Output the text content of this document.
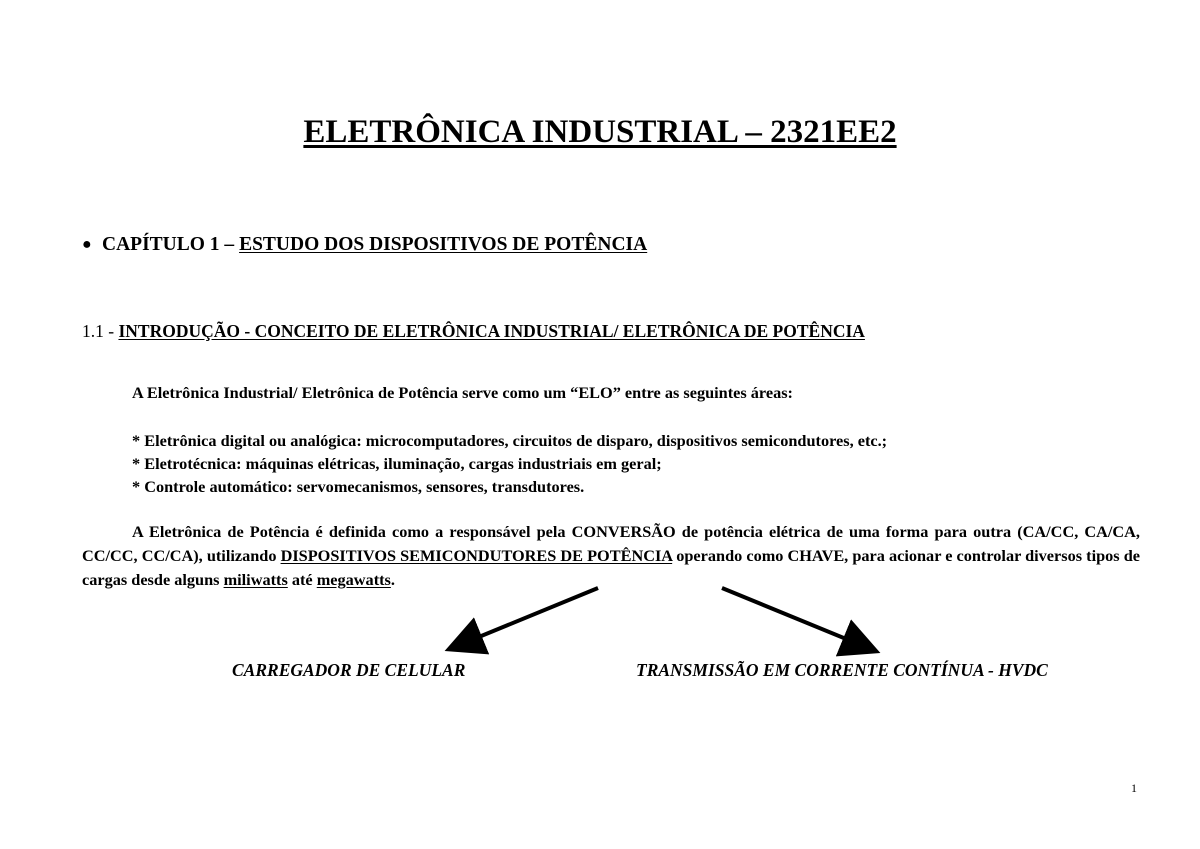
ELETRÔNICA INDUSTRIAL – 2321EE2
● CAPÍTULO 1 – ESTUDO DOS DISPOSITIVOS DE POTÊNCIA
1.1 - INTRODUÇÃO - CONCEITO DE ELETRÔNICA INDUSTRIAL/ ELETRÔNICA DE POTÊNCIA
A Eletrônica Industrial/ Eletrônica de Potência serve como um “ELO” entre as seguintes áreas:
* Eletrônica digital ou analógica: microcomputadores, circuitos de disparo, dispositivos semicondutores, etc.;
* Eletrotécnica: máquinas elétricas, iluminação, cargas industriais em geral;
* Controle automático: servomecanismos, sensores, transdutores.
A Eletrônica de Potência é definida como a responsável pela CONVERSÃO de potência elétrica de uma forma para outra (CA/CC, CA/CA, CC/CC, CC/CA), utilizando DISPOSITIVOS SEMICONDUTORES DE POTÊNCIA operando como CHAVE, para acionar e controlar diversos tipos de cargas desde alguns miliwatts até megawatts.
CARREGADOR DE CELULAR	TRANSMISSÃO EM CORRENTE CONTÍNUA - HVDC
1
